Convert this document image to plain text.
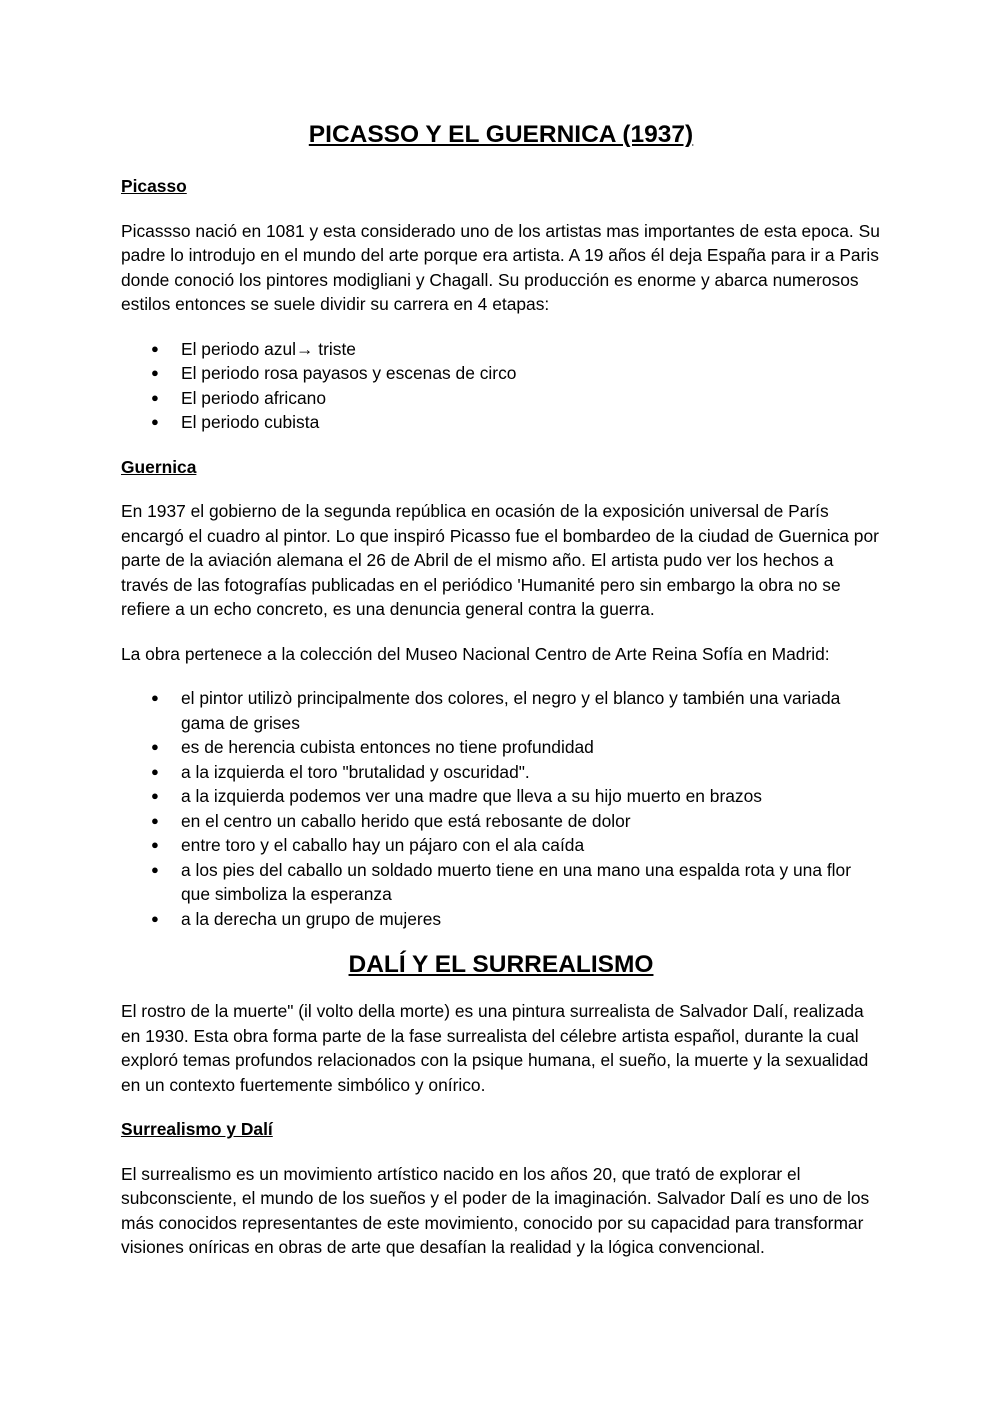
PICASSO Y EL GUERNICA (1937)
Picasso

Picassso nació en 1081 y esta considerado uno de los artistas mas importantes de esta epoca. Su padre lo introdujo en el mundo del arte porque era artista. A 19 años él deja España para ir a Paris donde conoció los pintores modigliani y Chagall. Su producción es enorme y abarca numerosos estilos entonces se suele dividir su carrera en 4 etapas:

● El periodo azul→ triste
● El periodo rosa payasos y escenas de circo
● El periodo africano
● El periodo cubista
Guernica

En 1937 el gobierno de la segunda república en ocasión de la exposición universal de París encargó el cuadro al pintor. Lo que inspiró Picasso fue el bombardeo de la ciudad de Guernica por parte de la aviación alemana el 26 de Abril de el mismo año. El artista pudo ver los hechos a través de las fotografías publicadas en el periódico 'Humanité pero sin embargo la obra no se refiere a un echo concreto, es una denuncia general contra la guerra.

La obra pertenece a la colección del Museo Nacional Centro de Arte Reina Sofía en Madrid:

● el pintor utilizò principalmente dos colores, el negro y el blanco y también una variada gama de grises
● es de herencia cubista entonces no tiene profundidad
● a la izquierda el toro "brutalidad y oscuridad".
● a la izquierda podemos ver una madre que lleva a su hijo muerto en brazos
● en el centro un caballo herido que está rebosante de dolor
● entre toro y el caballo hay un pájaro con el ala caída
● a los pies del caballo un soldado muerto tiene en una mano una espalda rota y una flor que simboliza la esperanza
● a la derecha un grupo de mujeres
DALÍ Y EL SURREALISMO

El rostro de la muerte" (il volto della morte) es una pintura surrealista de Salvador Dalí, realizada en 1930. Esta obra forma parte de la fase surrealista del célebre artista español, durante la cual exploró temas profundos relacionados con la psique humana, el sueño, la muerte y la sexualidad en un contexto fuertemente simbólico y onírico.

Surrealismo y Dalí

El surrealismo es un movimiento artístico nacido en los años 20, que trató de explorar el subconsciente, el mundo de los sueños y el poder de la imaginación. Salvador Dalí es uno de los más conocidos representantes de este movimiento, conocido por su capacidad para transformar visiones oníricas en obras de arte que desafían la realidad y la lógica convencional.
